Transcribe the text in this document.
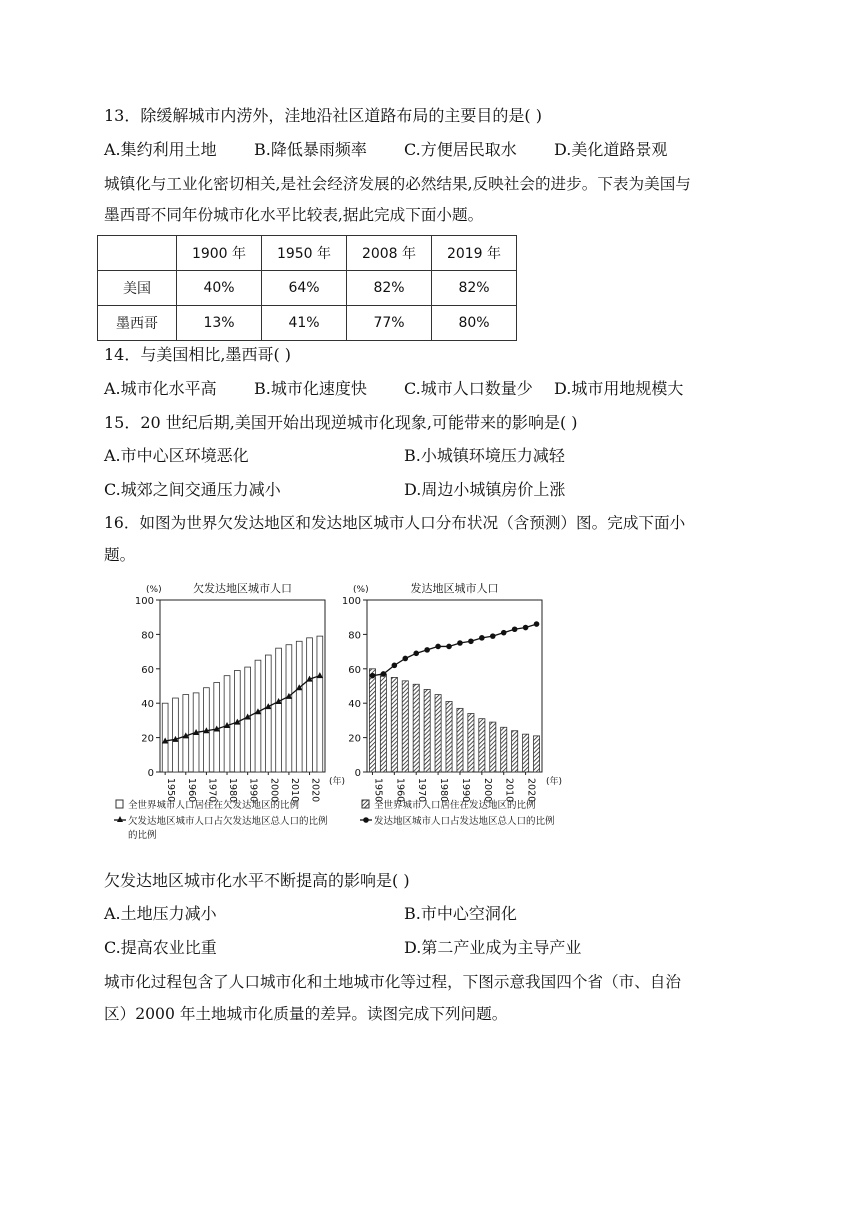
13．除缓解城市内涝外，洼地沿社区道路布局的主要目的是( )
A.集约利用土地 B.降低暴雨频率 C.方便居民取水 D.美化道路景观
城镇化与工业化密切相关,是社会经济发展的必然结果,反映社会的进步。下表为美国与
墨西哥不同年份城市化水平比较表,据此完成下面小题。
	1900 年	1950 年	2008 年	2019 年
美国	40%	64%	82%	82%
墨西哥	13%	41%	77%	80%
14．与美国相比,墨西哥( )
A.城市化水平高 B.城市化速度快 C.城市人口数量少 D.城市用地规模大
15．20 世纪后期,美国开始出现逆城市化现象,可能带来的影响是( )
A.市中心区环境恶化	B.小城镇环境压力减轻
C.城郊之间交通压力减小	D.周边小城镇房价上涨
16．如图为世界欠发达地区和发达地区城市人口分布状况（含预测）图。完成下面小
题。
欠发达地区城市人口
(%)
0
20
40
60
80
100
1950 1960 1970 1980 1990 2000 2010 2020 (年)
发达地区城市人口
(%)
0
20
40
60
80
100
1950 1960 1970 1980 1990 2000 2010 2020 (年)
全世界城市人口居住在欠发达地区的比例	全世界城市人口居住在发达地区的比例
欠发达地区城市人口占欠发达地区总人口的比例	发达地区城市人口占发达地区总人口的比例
的比例
欠发达地区城市化水平不断提高的影响是( )
A.土地压力减小	B.市中心空洞化
C.提高农业比重	D.第二产业成为主导产业
城市化过程包含了人口城市化和土地城市化等过程，下图示意我国四个省（市、自治
区）2000 年土地城市化质量的差异。读图完成下列问题。
